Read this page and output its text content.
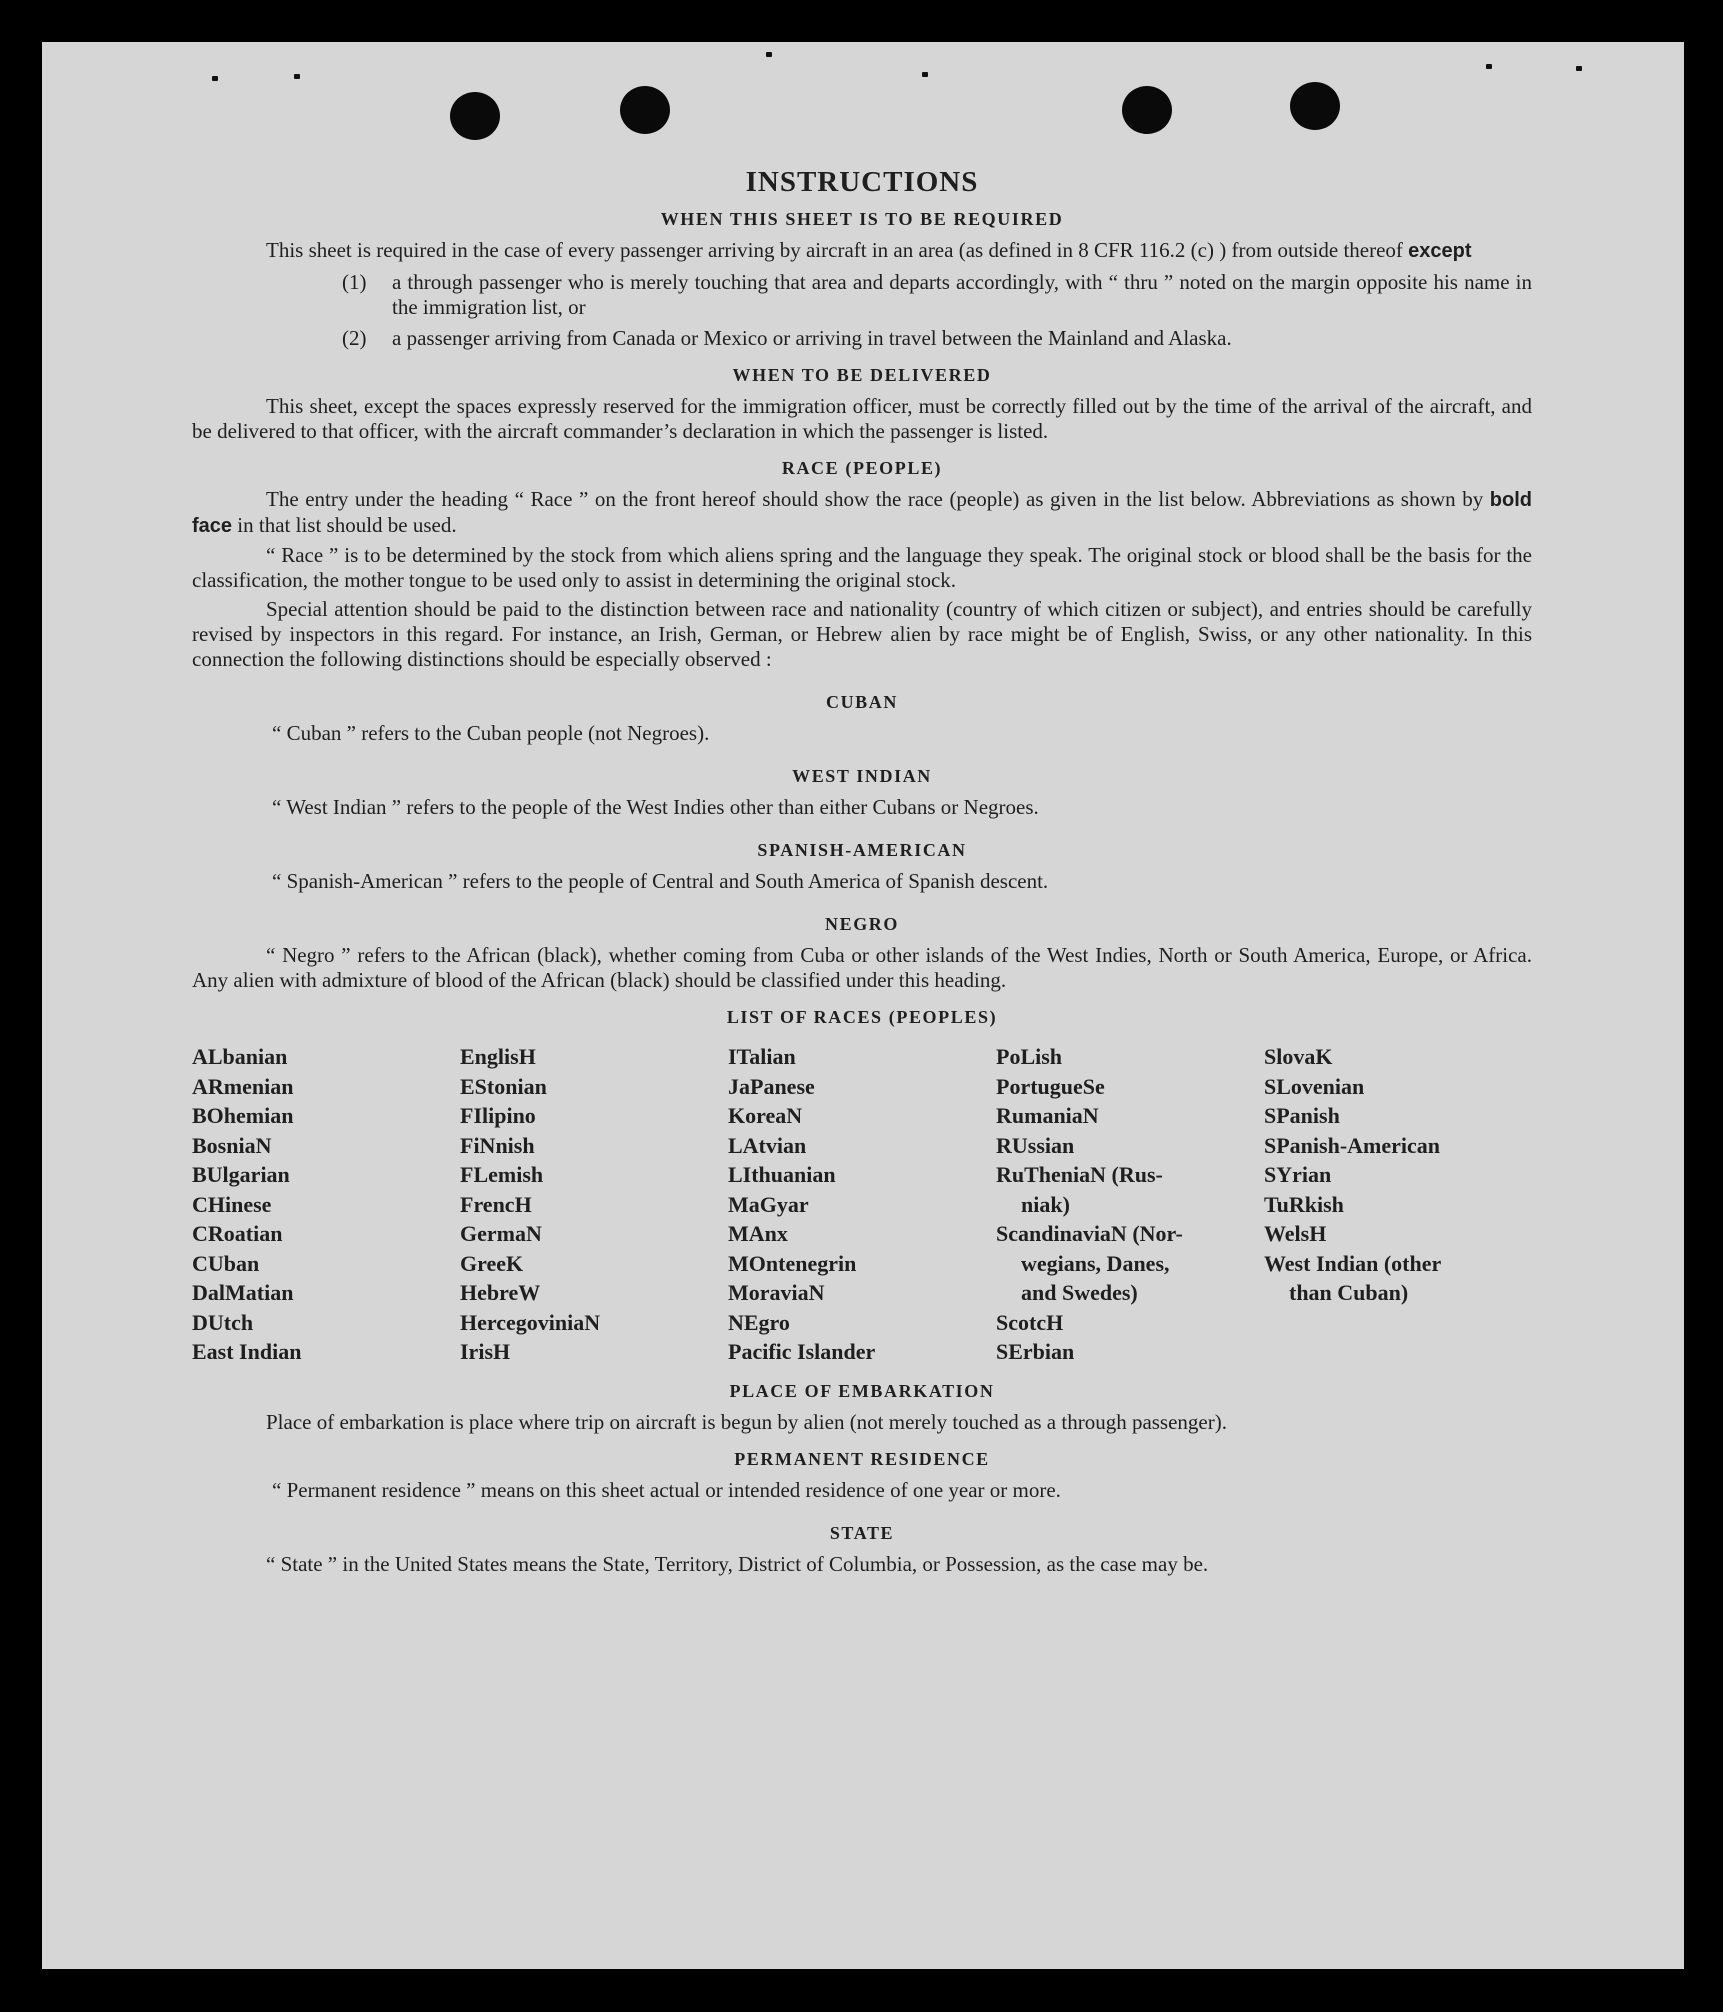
INSTRUCTIONS
WHEN THIS SHEET IS TO BE REQUIRED

This sheet is required in the case of every passenger arriving by aircraft in an area (as defined in 8 CFR 116.2 (c) ) from outside thereof except

(1)	a through passenger who is merely touching that area and departs accordingly, with “ thru ” noted on the margin opposite his name in the immigration list, or
(2)	a passenger arriving from Canada or Mexico or arriving in travel between the Mainland and Alaska.
WHEN TO BE DELIVERED

This sheet, except the spaces expressly reserved for the immigration officer, must be correctly filled out by the time of the arrival of the aircraft, and be delivered to that officer, with the aircraft commander’s declaration in which the passenger is listed.

RACE (PEOPLE)

The entry under the heading “ Race ” on the front hereof should show the race (people) as given in the list below. Abbreviations as shown by bold face in that list should be used.

“ Race ” is to be determined by the stock from which aliens spring and the language they speak. The original stock or blood shall be the basis for the classification, the mother tongue to be used only to assist in determining the original stock.

Special attention should be paid to the distinction between race and nationality (country of which citizen or subject), and entries should be carefully revised by inspectors in this regard. For instance, an Irish, German, or Hebrew alien by race might be of English, Swiss, or any other nationality. In this connection the following distinctions should be especially observed :

CUBAN

“ Cuban ” refers to the Cuban people (not Negroes).

WEST INDIAN

“ West Indian ” refers to the people of the West Indies other than either Cubans or Negroes.

SPANISH-AMERICAN

“ Spanish-American ” refers to the people of Central and South America of Spanish descent.

NEGRO

“ Negro ” refers to the African (black), whether coming from Cuba or other islands of the West Indies, North or South America, Europe, or Africa. Any alien with admixture of blood of the African (black) should be classified under this heading.

LIST OF RACES (PEOPLES)
ALbanian
ARmenian
BOhemian
BosniaN
BUlgarian
CHinese
CRoatian
CUban
DalMatian
DUtch
East Indian
EnglisH
EStonian
FIlipino
FiNnish
FLemish
FrencH
GermaN
GreeK
HebreW
HercegoviniaN
IrisH
ITalian
JaPanese
KoreaN
LAtvian
LIthuanian
MaGyar
MAnx
MOntenegrin
MoraviaN
NEgro
Pacific Islander
PoLish
PortugueSe
RumaniaN
RUssian
RuTheniaN (Rus-
niak)
ScandinaviaN (Nor-
wegians, Danes,
and Swedes)
ScotcH
SErbian
SlovaK
SLovenian
SPanish
SPanish-American
SYrian
TuRkish
WelsH
West Indian (other
than Cuban)
PLACE OF EMBARKATION

Place of embarkation is place where trip on aircraft is begun by alien (not merely touched as a through passenger).

PERMANENT RESIDENCE

“ Permanent residence ” means on this sheet actual or intended residence of one year or more.

STATE

“ State ” in the United States means the State, Territory, District of Columbia, or Possession, as the case may be.
